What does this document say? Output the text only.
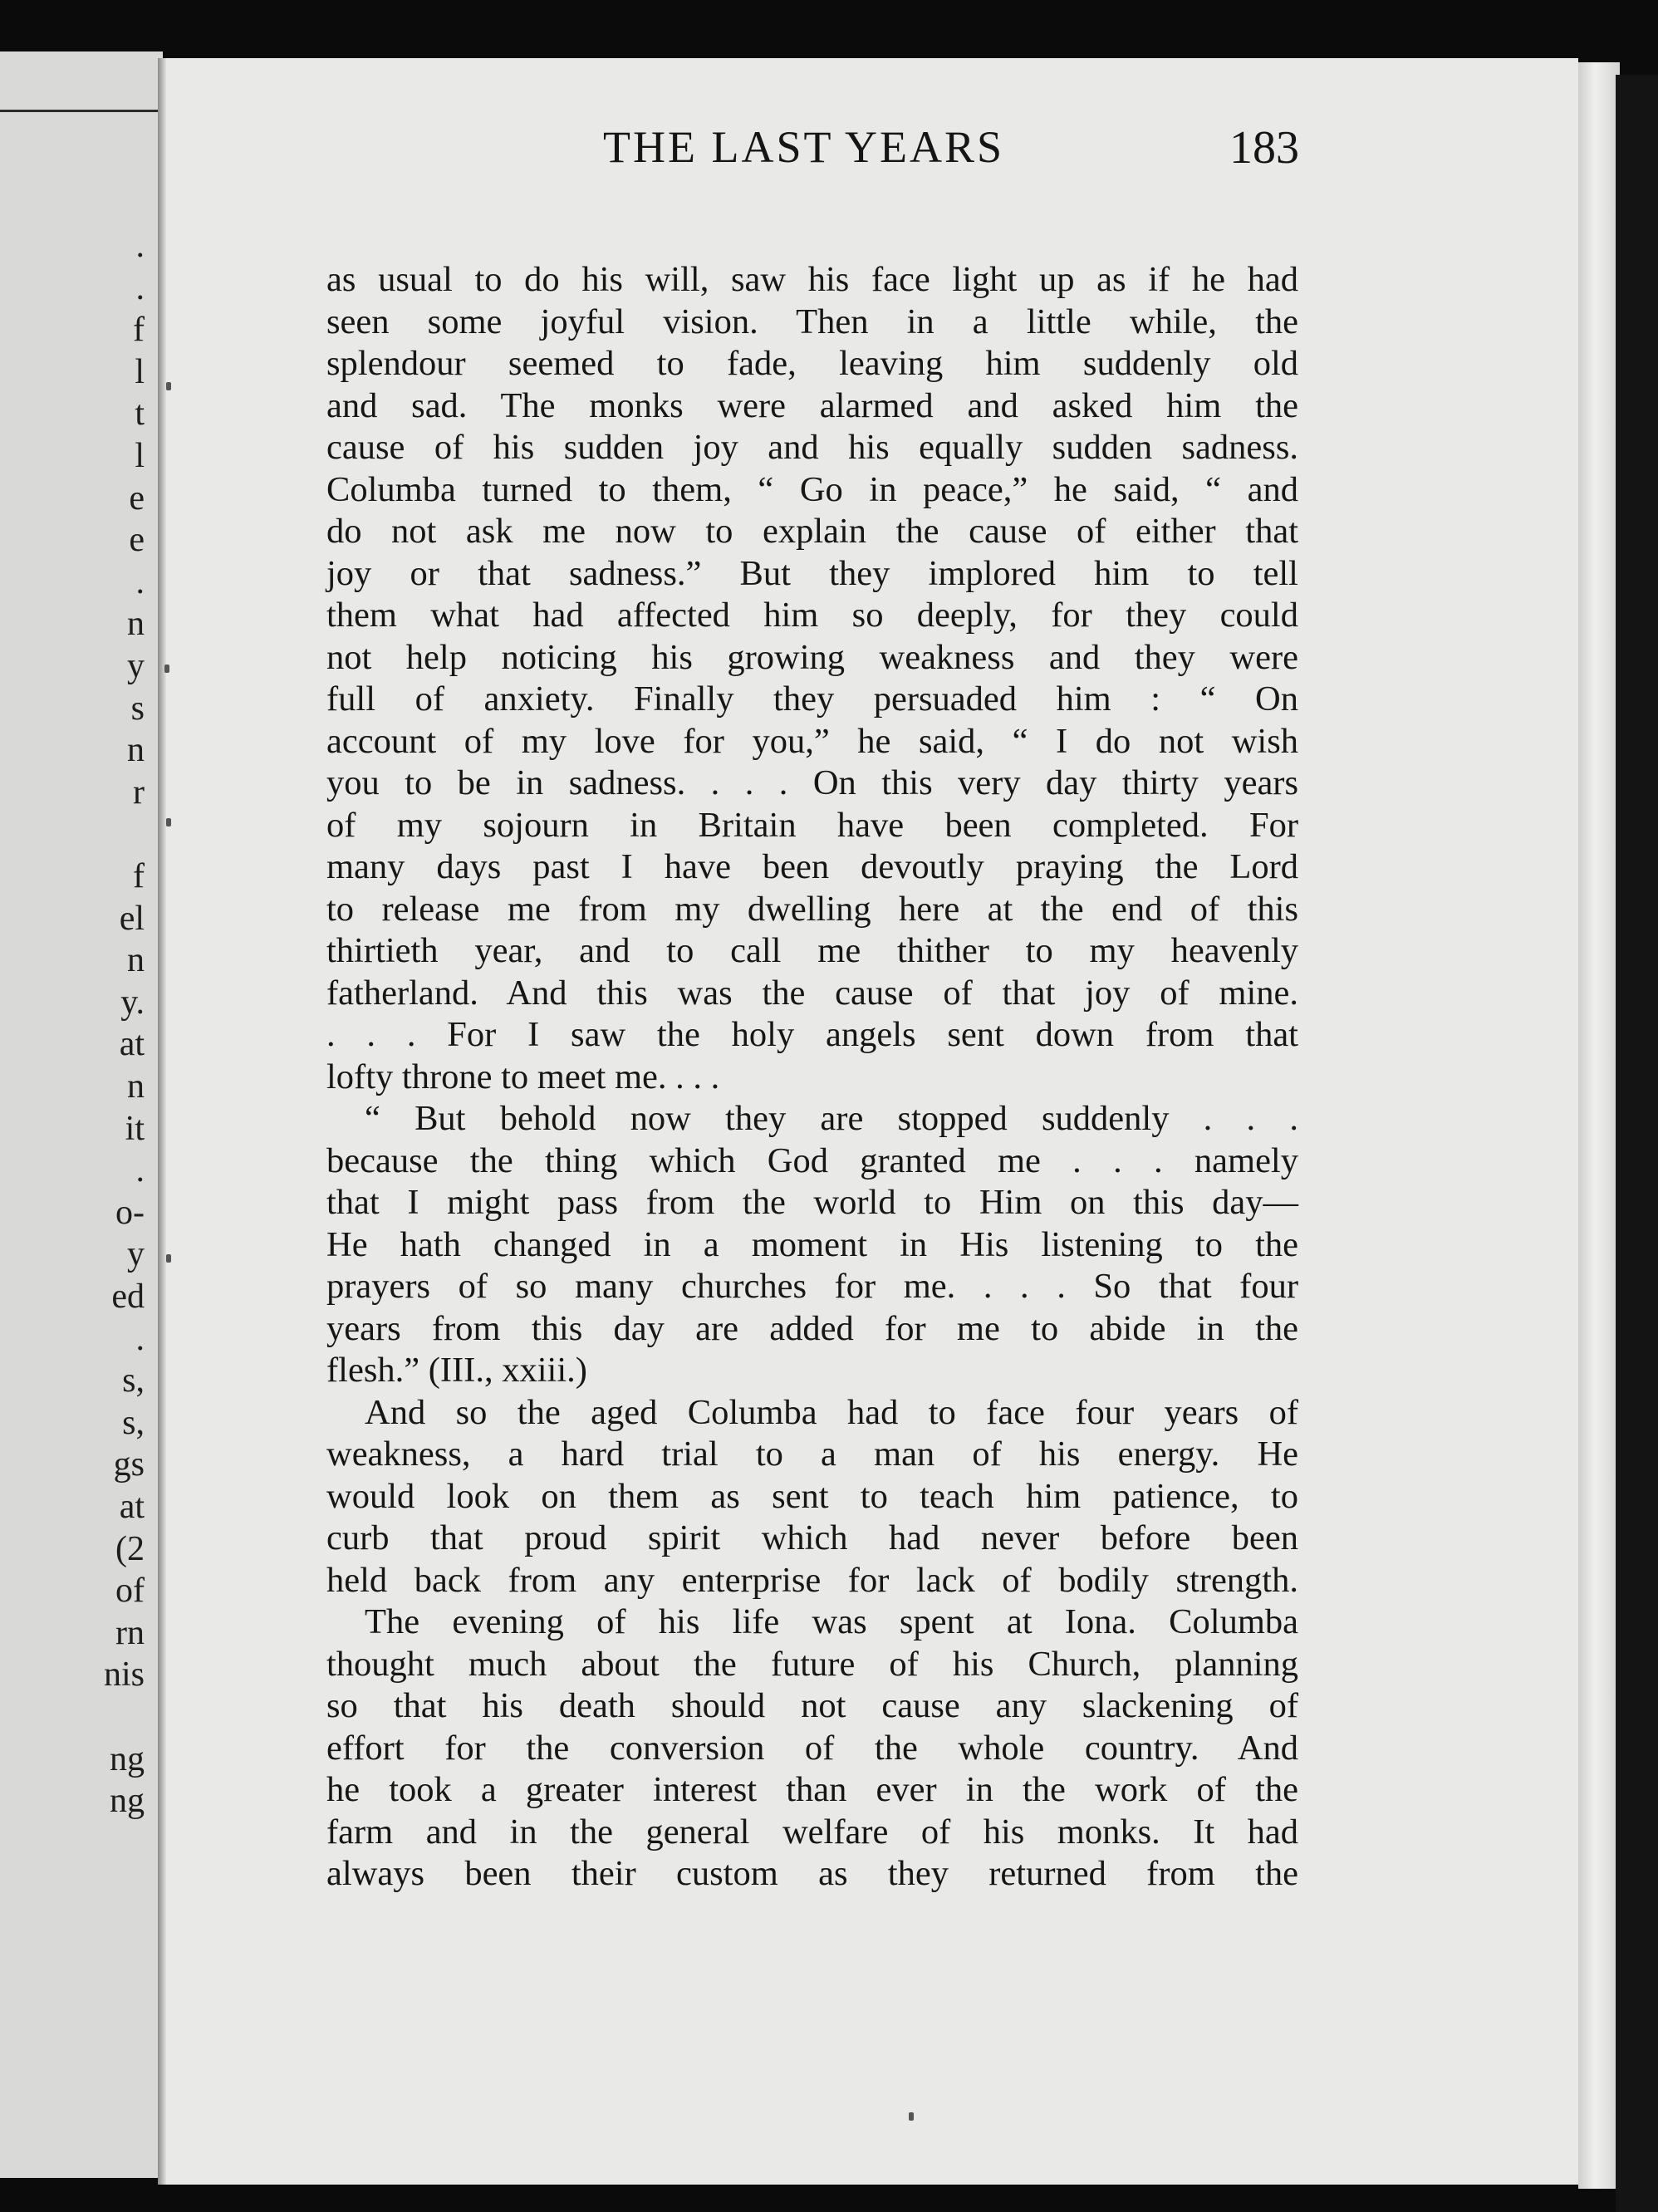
.
.
f
l
t
l
e
e
.
n
y
s
n
r
f
el
n
y.
at
n
it
.
o-
y
ed
.
s,
s,
gs
at
(2
of
rn
nis
ng
ng
THE LAST YEARS	183
as usual to do his will, saw his face light up as if he had
seen some joyful vision. Then in a little while, the
splendour seemed to fade, leaving him suddenly old
and sad. The monks were alarmed and asked him the
cause of his sudden joy and his equally sudden sadness.
Columba turned to them, “ Go in peace,” he said, “ and
do not ask me now to explain the cause of either that
joy or that sadness.” But they implored him to tell
them what had affected him so deeply, for they could
not help noticing his growing weakness and they were
full of anxiety. Finally they persuaded him : “ On
account of my love for you,” he said, “ I do not wish
you to be in sadness. . . . On this very day thirty years
of my sojourn in Britain have been completed. For
many days past I have been devoutly praying the Lord
to release me from my dwelling here at the end of this
thirtieth year, and to call me thither to my heavenly
fatherland. And this was the cause of that joy of mine.
. . . For I saw the holy angels sent down from that
lofty throne to meet me. . . .
“ But behold now they are stopped suddenly . . .
because the thing which God granted me . . . namely
that I might pass from the world to Him on this day—
He hath changed in a moment in His listening to the
prayers of so many churches for me. . . . So that four
years from this day are added for me to abide in the
flesh.” (III., xxiii.)
And so the aged Columba had to face four years of
weakness, a hard trial to a man of his energy. He
would look on them as sent to teach him patience, to
curb that proud spirit which had never before been
held back from any enterprise for lack of bodily strength.
The evening of his life was spent at Iona. Columba
thought much about the future of his Church, planning
so that his death should not cause any slackening of
effort for the conversion of the whole country. And
he took a greater interest than ever in the work of the
farm and in the general welfare of his monks. It had
always been their custom as they returned from the
